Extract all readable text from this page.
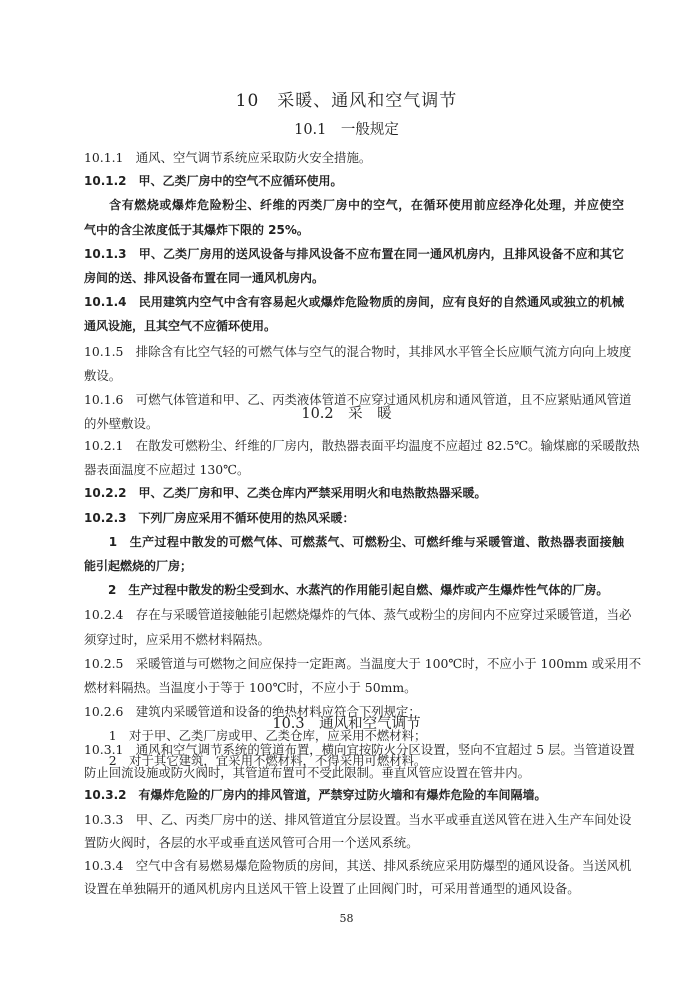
10　采暖、通风和空气调节
10.1　一般规定
10.1.1　通风、空气调节系统应采取防火安全措施。
10.1.2　甲、乙类厂房中的空气不应循环使用。
　　含有燃烧或爆炸危险粉尘、纤维的丙类厂房中的空气，在循环使用前应经净化处理，并应使空
气中的含尘浓度低于其爆炸下限的 25%。
10.1.3　甲、乙类厂房用的送风设备与排风设备不应布置在同一通风机房内，且排风设备不应和其它
房间的送、排风设备布置在同一通风机房内。
10.1.4　民用建筑内空气中含有容易起火或爆炸危险物质的房间，应有良好的自然通风或独立的机械
通风设施，且其空气不应循环使用。
10.1.5　排除含有比空气轻的可燃气体与空气的混合物时，其排风水平管全长应顺气流方向向上坡度
敷设。
10.1.6　可燃气体管道和甲、乙、丙类液体管道不应穿过通风机房和通风管道，且不应紧贴通风管道
的外壁敷设。
10.2　采　暖
10.2.1　在散发可燃粉尘、纤维的厂房内，散热器表面平均温度不应超过 82.5℃。输煤廊的采暖散热
器表面温度不应超过 130℃。
10.2.2　甲、乙类厂房和甲、乙类仓库内严禁采用明火和电热散热器采暖。
10.2.3　下列厂房应采用不循环使用的热风采暖：
　　1　生产过程中散发的可燃气体、可燃蒸气、可燃粉尘、可燃纤维与采暖管道、散热器表面接触
能引起燃烧的厂房；
　　2　生产过程中散发的粉尘受到水、水蒸汽的作用能引起自燃、爆炸或产生爆炸性气体的厂房。
10.2.4　存在与采暖管道接触能引起燃烧爆炸的气体、蒸气或粉尘的房间内不应穿过采暖管道，当必
须穿过时，应采用不燃材料隔热。
10.2.5　采暖管道与可燃物之间应保持一定距离。当温度大于 100℃时，不应小于 100mm 或采用不
燃材料隔热。当温度小于等于 100℃时，不应小于 50mm。
10.2.6　建筑内采暖管道和设备的绝热材料应符合下列规定：
　　1　对于甲、乙类厂房或甲、乙类仓库，应采用不燃材料；
　　2　对于其它建筑，宜采用不燃材料，不得采用可燃材料。
10.3　通风和空气调节
10.3.1　通风和空气调节系统的管道布置，横向宜按防火分区设置，竖向不宜超过 5 层。当管道设置
防止回流设施或防火阀时，其管道布置可不受此限制。垂直风管应设置在管井内。
10.3.2　有爆炸危险的厂房内的排风管道，严禁穿过防火墙和有爆炸危险的车间隔墙。
10.3.3　甲、乙、丙类厂房中的送、排风管道宜分层设置。当水平或垂直送风管在进入生产车间处设
置防火阀时，各层的水平或垂直送风管可合用一个送风系统。
10.3.4　空气中含有易燃易爆危险物质的房间，其送、排风系统应采用防爆型的通风设备。当送风机
设置在单独隔开的通风机房内且送风干管上设置了止回阀门时，可采用普通型的通风设备。
58
